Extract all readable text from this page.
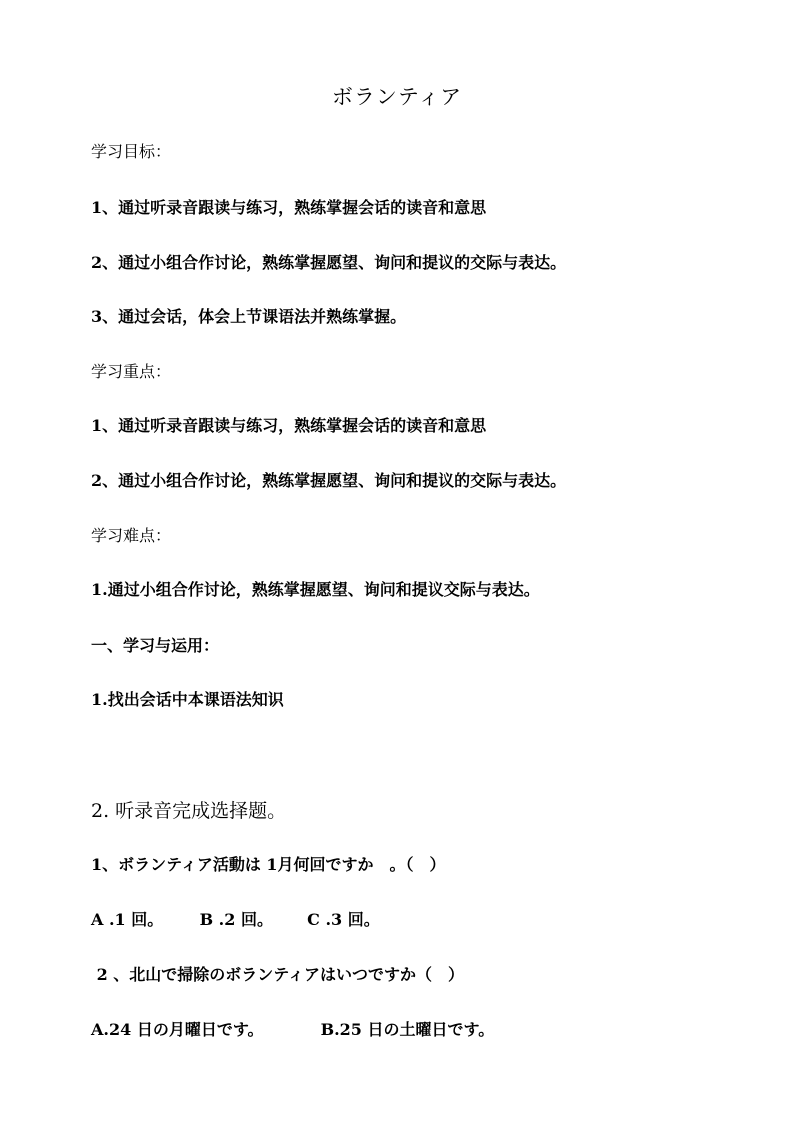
ボランティア
学习目标：
1、通过听录音跟读与练习，熟练掌握会话的读音和意思
2、通过小组合作讨论，熟练掌握愿望、询问和提议的交际与表达。
3、通过会话，体会上节课语法并熟练掌握。
学习重点：
1、通过听录音跟读与练习，熟练掌握会话的读音和意思
2、通过小组合作讨论，熟练掌握愿望、询问和提议的交际与表达。
学习难点：
1.通过小组合作讨论，熟练掌握愿望、询问和提议交际与表达。
一、学习与运用：
1.找出会话中本课语法知识
2. 听录音完成选择题。
1、ボランティア活動は 1月何回ですか　。（　）
A .1 回。 B .2 回。 C .3 回。
2 、北山で掃除のボランティアはいつですか（　）
A.24 日の月曜日です。	B.25 日の土曜日です。
